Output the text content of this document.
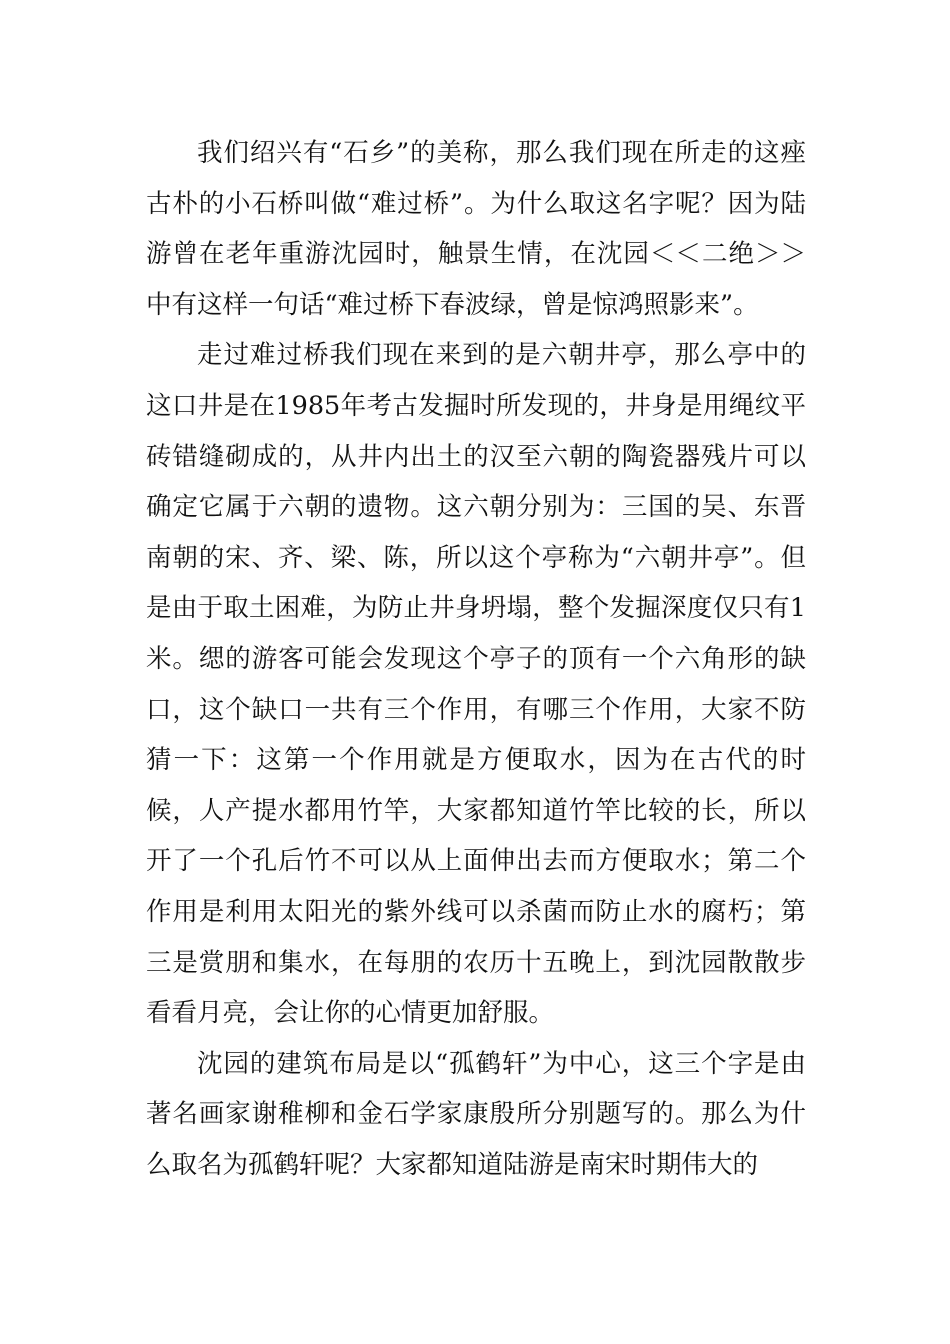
我们绍兴有“石乡”的美称，那么我们现在所走的这痤古朴的小石桥叫做“难过桥”。为什么取这名字呢？因为陆游曾在老年重游沈园时，触景生情，在沈园＜＜二绝＞＞中有这样一句话“难过桥下春波绿，曾是惊鸿照影来”。

走过难过桥我们现在来到的是六朝井亭，那么亭中的这口井是在1985年考古发掘时所发现的，井身是用绳纹平砖错缝砌成的，从井内出土的汉至六朝的陶瓷器残片可以确定它属于六朝的遗物。这六朝分别为：三国的吴、东晋南朝的宋、齐、梁、陈，所以这个亭称为“六朝井亭”。但是由于取土困难，为防止井身坍塌，整个发掘深度仅只有1米。缌的游客可能会发现这个亭子的顶有一个六角形的缺口，这个缺口一共有三个作用，有哪三个作用，大家不防猜一下：这第一个作用就是方便取水，因为在古代的时候，人产提水都用竹竿，大家都知道竹竿比较的长，所以开了一个孔后竹不可以从上面伸出去而方便取水；第二个作用是利用太阳光的紫外线可以杀菌而防止水的腐朽；第三是赏朋和集水，在每朋的农历十五晚上，到沈园散散步看看月亮，会让你的心情更加舒服。

沈园的建筑布局是以“孤鹤轩”为中心，这三个字是由著名画家谢稚柳和金石学家康殷所分别题写的。那么为什么取名为孤鹤轩呢？大家都知道陆游是南宋时期伟大的
